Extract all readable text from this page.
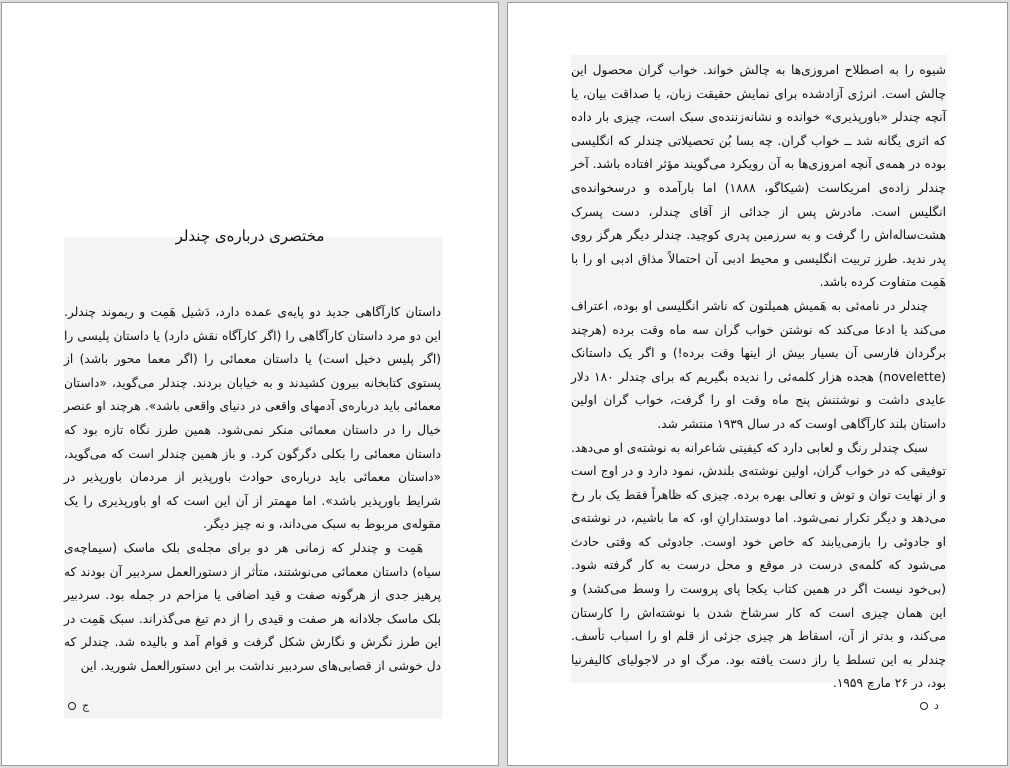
مختصری درباره‌ی چندلر

داستان کارآگاهی جدید دو پایه‌ی عمده دارد، دَشیل هَمِت و ریموند چندلر. این دو مرد داستان کارآگاهی را (اگر کارآگاه نقش دارد) یا داستان پلیسی را (اگر پلیس دخیل است) یا داستان معمائی را (اگر معما محور باشد) از پستوی کتابخانه بیرون کشیدند و به خیابان بردند. چندلر می‌گوید، «داستان معمائی باید درباره‌ی آدمهای واقعی در دنیای واقعی باشد». هرچند او عنصر خیال را در داستان معمائی منکر نمی‌شود. همین طرز نگاه تازه بود که داستان معمائی را بکلی دگرگون کرد. و باز همین چندلر است که می‌گوید، «داستان معمائی باید درباره‌ی حوادث باورپذیر از مردمان باورپذیر در شرایط باورپذیر باشد». اما مهمتر از آن این است که او باورپذیری را یک مقوله‌ی مربوط به سبک می‌داند، و نه چیز دیگر.

هَمِت و چندلر که زمانی هر دو برای مجله‌ی بلک ماسک (سیماچه‌ی سیاه) داستان معمائی می‌نوشتند، متأثر از دستورالعمل سردبیر آن بودند که پرهیز جدی از هرگونه صفت و قید اضافی یا مزاحم در جمله بود. سردبیر بلک ماسک جلادانه هر صفت و قیدی را از دم تیغ می‌گذراند. سبک هَمِت در این طرز نگرش و نگارش شکل گرفت و قوام آمد و بالیده شد. چندلر که دل خوشی از قصابی‌های سردبیر نداشت بر این دستورالعمل شورید. این

ج

شیوه را به اصطلاح امروزی‌ها به چالش خواند. خواب گران محصول این چالش است. انرژی آزادشده برای نمایش حقیقت زبان، یا صداقت بیان، یا آنچه چندلر «باورپذیری» خوانده و نشانه‌زننده‌ی سبک است، چیزی بار داده که اثری یگانه شد ــ خواب گران. چه بسا بُن تحصیلاتی چندلر که انگلیسی بوده در همه‌ی آنچه امروزی‌ها به آن رویکرد می‌گویند مؤثر افتاده باشد. آخر چندلر زاده‌ی امریکاست (شیکاگو، ۱۸۸۸) اما بارآمده و درسخوانده‌ی انگلیس است. مادرش پس از جدائی از آقای چندلر، دست پسرک هشت‌ساله‌اش را گرفت و به سرزمین پدری کوچید. چندلر دیگر هرگز روی پدر ندید. طرز تربیت انگلیسی و محیط ادبی آن احتمالاً مذاق ادبی او را با هَمِت متفاوت کرده باشد.

چندلر در نامه‌ئی به هَمیش همیلتون که ناشر انگلیسی او بوده، اعتراف می‌کند یا ادعا می‌کند که نوشتن خواب گران سه ماه وقت برده (هرچند برگردان فارسی آن بسیار بیش از اینها وقت برده!) و اگر یک داستانک (novelette) هجده هزار کلمه‌ئی را ندیده بگیریم که برای چندلر ۱۸۰ دلار عایدی داشت و نوشتنش پنج ماه وقت او را گرفت، خواب گران اولین داستان بلند کارآگاهی اوست که در سال ۱۹۳۹ منتشر شد.

سبک چندلر رنگ و لعابی دارد که کیفیتی شاعرانه به نوشته‌ی او می‌دهد. توفیقی که در خواب گران، اولین نوشته‌ی بلندش، نمود دارد و در اوج است و از نهایت توان و توش و تعالی بهره برده. چیزی که ظاهراً فقط یک بار رخ می‌دهد و دیگر تکرار نمی‌شود. اما دوستدارانِ او، که ما باشیم، در نوشته‌ی او جادوئی را بازمی‌یابند که خاص خود اوست. جادوئی که وقتی حادث می‌شود که کلمه‌ی درست در موقع و محل درست به کار گرفته شود. (بی‌خود نیست اگر در همین کتاب یکجا پای پروست را وسط می‌کشد) و این همان چیزی است که کار سرشاخ شدن با نوشته‌اش را کارستان می‌کند، و بدتر از آن، اسقاط هر چیزی جزئی از قلم او را اسباب تأسف. چندلر به این تسلط یا راز دست یافته بود. مرگ او در لاجولیای کالیفرنیا بود، در ۲۶ مارچ ۱۹۵۹.

د
